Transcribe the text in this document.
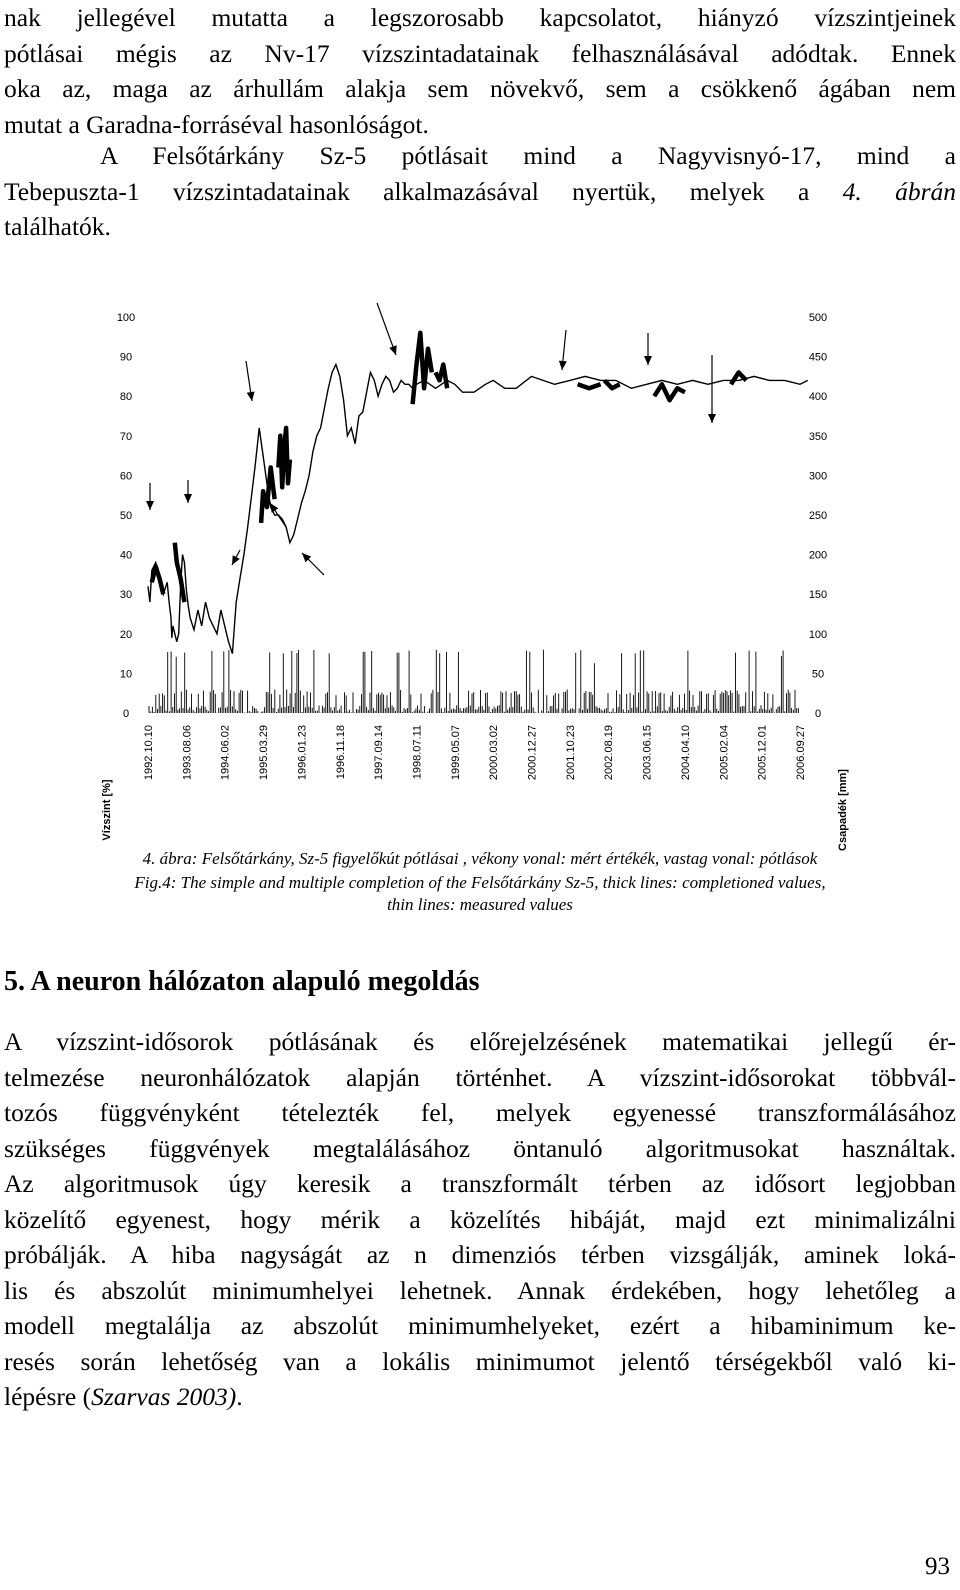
nak jellegével mutatta a legszorosabb kapcsolatot, hiányzó vízszintjeinek
pótlásai mégis az Nv-17 vízszintadatainak felhasználásával adódtak. Ennek
oka az, maga az árhullám alakja sem növekvő, sem a csökkenő ágában nem
mutat a Garadna-forráséval hasonlóságot.
A Felsőtárkány Sz-5 pótlásait mind a Nagyvisnyó-17, mind a
Tebepuszta-1 vízszintadatainak alkalmazásával nyertük, melyek a 4. ábrán
találhatók.
0
10
20
30
40
50
60
70
80
90
100
0
50
100
150
200
250
300
350
400
450
500
1992.10.10 1993.08.06 1994.06.02 1995.03.29 1996.01.23 1996.11.18 1997.09.14 1998.07.11 1999.05.07 2000.03.02 2000.12.27 2001.10.23 2002.08.19 2003.06.15 2004.04.10 2005.02.04 2005.12.01 2006.09.27
Vízszint [%]	Csapadék [mm]
4. ábra: Felsőtárkány, Sz-5 figyelőkút pótlásai , vékony vonal: mért értékék, vastag vonal: pótlások
Fig.4: The simple and multiple completion of the Felsőtárkány Sz-5, thick lines: completioned values,
thin lines: measured values
5. A neuron hálózaton alapuló megoldás
A vízszint-idősorok pótlásának és előrejelzésének matematikai jellegű ér-
telmezése neuronhálózatok alapján történhet. A vízszint-idősorokat többvál-
tozós függvényként tételezték fel, melyek egyenessé transzformálásához
szükséges függvények megtalálásához öntanuló algoritmusokat használtak.
Az algoritmusok úgy keresik a transzformált térben az idősort legjobban
közelítő egyenest, hogy mérik a közelítés hibáját, majd ezt minimalizálni
próbálják. A hiba nagyságát az n dimenziós térben vizsgálják, aminek loká-
lis és abszolút minimumhelyei lehetnek. Annak érdekében, hogy lehetőleg a
modell megtalálja az abszolút minimumhelyeket, ezért a hibaminimum ke-
resés során lehetőség van a lokális minimumot jelentő térségekből való ki-
lépésre (Szarvas 2003).
93
